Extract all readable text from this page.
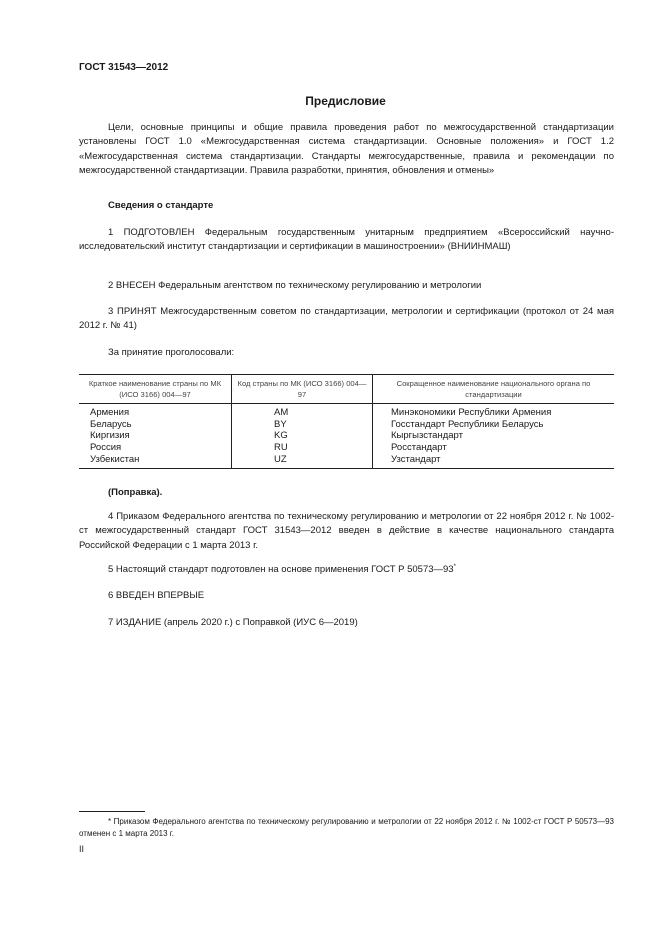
ГОСТ 31543—2012
Предисловие
Цели, основные принципы и общие правила проведения работ по межгосударственной стандартизации установлены ГОСТ 1.0 «Межгосударственная система стандартизации. Основные положения» и ГОСТ 1.2 «Межгосударственная система стандартизации. Стандарты межгосударственные, правила и рекомендации по межгосударственной стандартизации. Правила разработки, принятия, обновления и отмены»
Сведения о стандарте
1 ПОДГОТОВЛЕН Федеральным государственным унитарным предприятием «Всероссийский научно-исследовательский институт стандартизации и сертификации в машиностроении» (ВНИИНМАШ)
2 ВНЕСЕН Федеральным агентством по техническому регулированию и метрологии
3 ПРИНЯТ Межгосударственным советом по стандартизации, метрологии и сертификации (протокол от 24 мая 2012 г. № 41)
За принятие проголосовали:
Краткое наименование страны по МК (ИСО 3166) 004—97	Код страны по МК (ИСО 3166) 004—97	Сокращенное наименование национального органа по стандартизации
Армения	AM	Минэкономики Республики Армения
Беларусь	BY	Госстандарт Республики Беларусь
Киргизия	KG	Кыргызстандарт
Россия	RU	Росстандарт
Узбекистан	UZ	Узстандарт
(Поправка).
4 Приказом Федерального агентства по техническому регулированию и метрологии от 22 ноября 2012 г. № 1002-ст межгосударственный стандарт ГОСТ 31543—2012 введен в действие в качестве национального стандарта Российской Федерации с 1 марта 2013 г.
5 Настоящий стандарт подготовлен на основе применения ГОСТ Р 50573—93*
6 ВВЕДЕН ВПЕРВЫЕ
7 ИЗДАНИЕ (апрель 2020 г.) с Поправкой (ИУС 6—2019)
* Приказом Федерального агентства по техническому регулированию и метрологии от 22 ноября 2012 г. № 1002-ст ГОСТ Р 50573—93 отменен с 1 марта 2013 г.
II
